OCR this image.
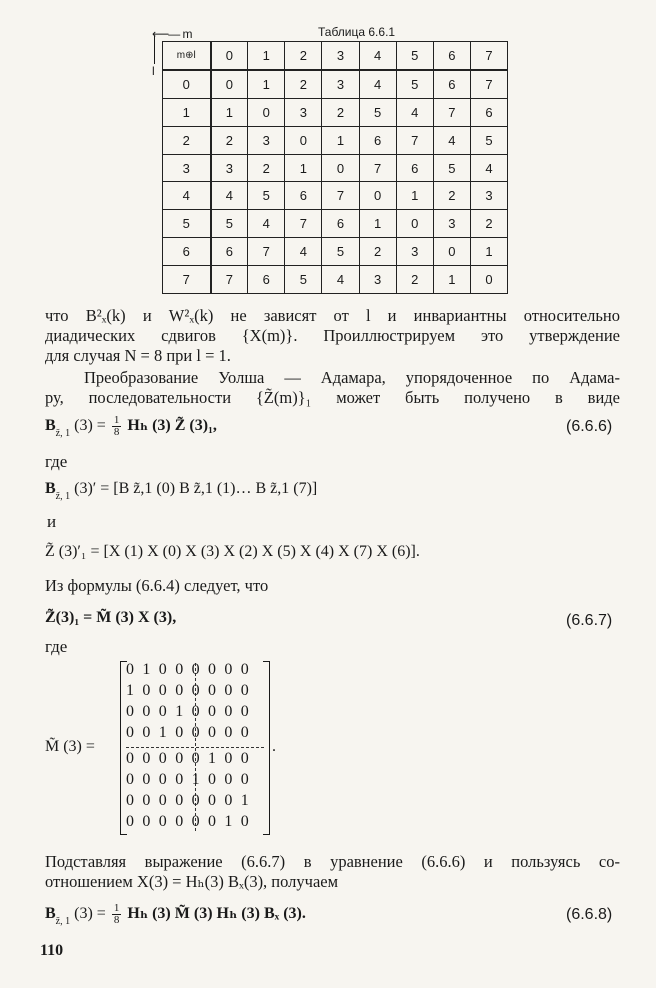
⟵— m
l
Таблица 6.6.1
m⊕l	0	1	2	3	4	5	6	7
0	0	1	2	3	4	5	6	7
1	1	0	3	2	5	4	7	6
2	2	3	0	1	6	7	4	5
3	3	2	1	0	7	6	5	4
4	4	5	6	7	0	1	2	3
5	5	4	7	6	1	0	3	2
6	6	7	4	5	2	3	0	1
7	7	6	5	4	3	2	1	0
что B²ₓ(k) и W²ₓ(k) не зависят от l и инвариантны относительно
диадических сдвигов {X(m)}. Проиллюстрируем это утверждение
для случая N = 8 при l = 1.
Преобразование Уолша — Адамара, упорядоченное по Адама-
ру, последовательности {Z̃(m)}₁ может быть получено в виде
$B_{z̃, 1}$ $(3) = \frac{1}{8}$ Hₕ (3) Z̃ (3)₁,	(6.6.6)
где
$B_{z̃, 1}$ (3)′ = [B z̃,1 (0) B z̃,1 (1)… B z̃,1 (7)]
и
Z̃ (3)′₁ = [X (1) X (0) X (3) X (2) X (5) X (4) X (7) X (6)].
Из формулы (6.6.4) следует, что
Z̃(3)₁ = M̃ (3) X (3),	(6.6.7)
где
M̃ (3) =
0 1 0 0 0 0 0 0
1 0 0 0 0 0 0 0
0 0 0 1 0 0 0 0
0 0 1 0 0 0 0 0
0 0 0 0 0 1 0 0
0 0 0 0 1 0 0 0
0 0 0 0 0 0 0 1
0 0 0 0 0 0 1 0
.
Подставляя выражение (6.6.7) в уравнение (6.6.6) и пользуясь со-
отношением X(3) = Hₕ(3) Bₓ(3), получаем
$B_{z̃, 1}$ $(3) = \frac{1}{8}$ Hₕ (3) M̃ (3) Hₕ (3) Bₓ (3).	(6.6.8)
110
